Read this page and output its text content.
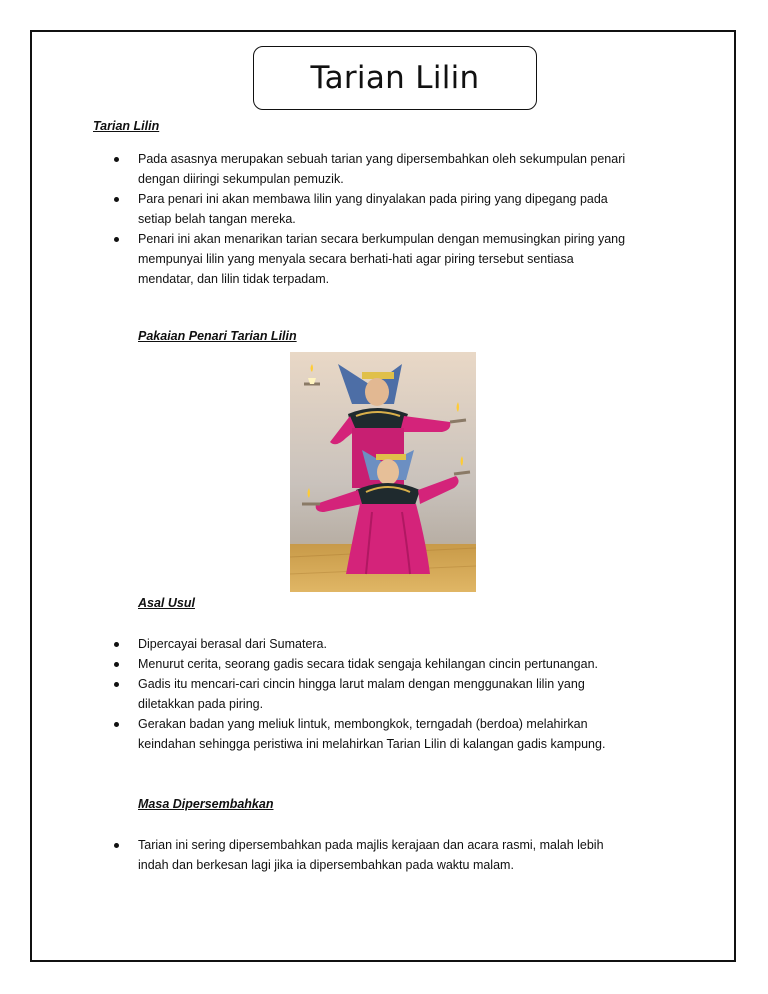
Tarian Lilin
Tarian Lilin
Pada asasnya merupakan sebuah tarian yang dipersembahkan oleh sekumpulan penari
dengan diiringi sekumpulan pemuzik.
Para penari ini akan membawa lilin yang dinyalakan pada piring yang dipegang pada
setiap belah tangan mereka.
Penari ini akan menarikan tarian secara berkumpulan dengan memusingkan piring yang
mempunyai lilin yang menyala secara berhati-hati agar piring tersebut sentiasa
mendatar, dan lilin tidak terpadam.
Pakaian Penari Tarian Lilin
Asal Usul
Dipercayai berasal dari Sumatera.
Menurut cerita, seorang gadis secara tidak sengaja kehilangan cincin pertunangan.
Gadis itu mencari-cari cincin hingga larut malam dengan menggunakan lilin yang
diletakkan pada piring.
Gerakan badan yang meliuk lintuk, membongkok, terngadah (berdoa) melahirkan
keindahan sehingga peristiwa ini melahirkan Tarian Lilin di kalangan gadis kampung.
Masa Dipersembahkan
Tarian ini sering dipersembahkan pada majlis kerajaan dan acara rasmi, malah lebih
indah dan berkesan lagi jika ia dipersembahkan pada waktu malam.
